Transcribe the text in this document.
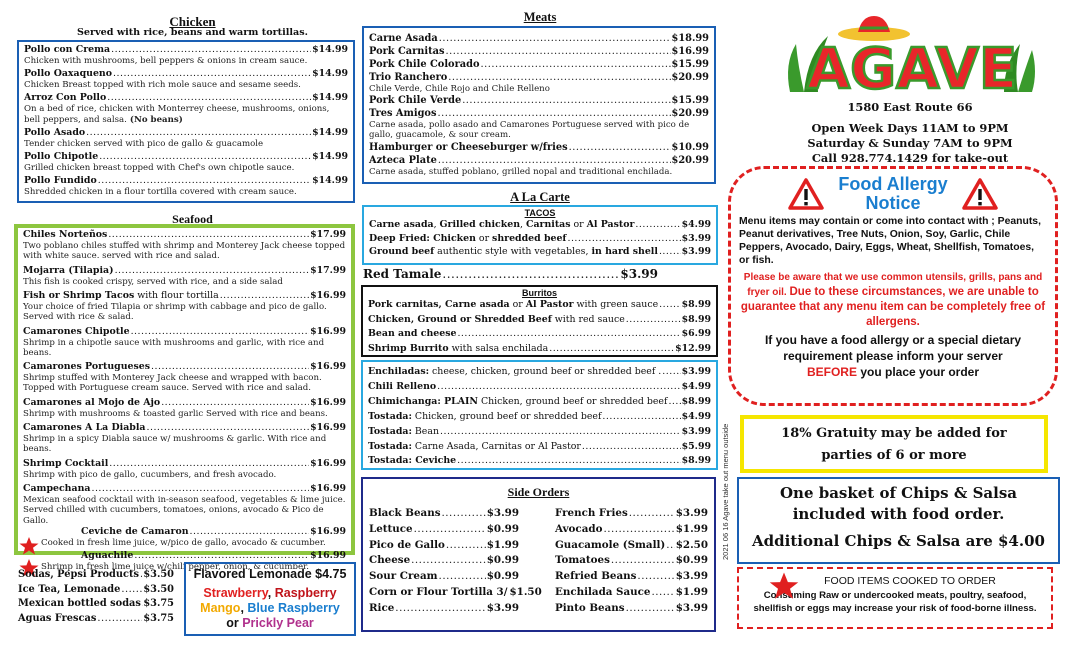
Chicken
Served with rice, beans and warm tortillas.
Pollo con Crema .....	$14.99
Chicken with mushrooms, bell peppers & onions in cream sauce.
Pollo Oaxaqueno .....	$14.99
Chicken Breast topped with rich mole sauce and sesame seeds.
Arroz Con Pollo .....	$14.99
On a bed of rice, chicken with Monterrey cheese, mushrooms, onions, bell peppers, and salsa. (No beans)
Pollo Asado .....	$14.99
Tender chicken served with pico de gallo & guacamole
Pollo Chipotle .....	$14.99
Grilled chicken breast topped with Chef's own chipotle sauce.
Pollo Fundido .....	$14.99
Shredded chicken in a flour tortilla covered with cream sauce.
Seafood
Chiles Norteños .....	$17.99
Two poblano chiles stuffed with shrimp and Monterey Jack cheese topped with white sauce. served with rice and salad.
Mojarra (Tilapia) .....	$17.99
This fish is cooked crispy, served with rice, and a side salad
Fish or Shrimp Tacos with flour tortilla .....	$16.99
Your choice of fried Tilapia or shrimp with cabbage and pico de gallo. Served with rice & salad.
Camarones Chipotle .....	$16.99
Shrimp in a chipotle sauce with mushrooms and garlic, with rice and beans.
Camarones Portugueses .....	$16.99
Shrimp stuffed with Monterey Jack cheese and wrapped with bacon. Topped with Portuguese cream sauce. Served with rice and salad.
Camarones al Mojo de Ajo .....	$16.99
Shrimp with mushrooms & toasted garlic Served with rice and beans.
Camarones A La Diabla .....	$16.99
Shrimp in a spicy Diabla sauce w/ mushrooms & garlic. With rice and beans.
Shrimp Cocktail .....	$16.99
Shrimp with pico de gallo, cucumbers, and fresh avocado.
Campechana .....	$16.99
Mexican seafood cocktail with in-season seafood, vegetables & lime juice. Served chilled with cucumbers, tomatoes, onions, avocado & Pico de Gallo.
Ceviche de Camaron .....	$16.99
Cooked in fresh lime juice, w/pico de gallo, avocado & cucumber.
Aguachile .....	$16.99
Shrimp in fresh lime juice w/chili pepper, onion, & cucumber.
Sodas, Pepsi Products ..... $3.50
Ice Tea, Lemonade ..... $3.50
Mexican bottled sodas ..... $3.75
Aguas Frescas .....	$3.75
Flavored Lemonade $4.75
Strawberry, Raspberry
Mango, Blue Raspberry
or Prickly Pear
Meats
Carne Asada .....	$18.99
Pork Carnitas .....	$16.99
Pork Chile Colorado .....	$15.99
Trio Ranchero .....	$20.99
Chile Verde, Chile Rojo and Chile Relleno
Pork Chile Verde .....	$15.99
Tres Amigos .....	$20.99
Carne asada, pollo asado and Camarones Portuguese served with pico de gallo, guacamole, & sour cream.
Hamburger or Cheeseburger w/fries .....	$10.99
Azteca Plate .....	$20.99
Carne asada, stuffed poblano, grilled nopal and traditional enchilada.
A La Carte
TACOS
Carne asada, Grilled chicken, Carnitas or Al Pastor .....	$4.99
Deep Fried: Chicken or shredded beef .....	$3.99
Ground beef authentic style with vegetables, in hard shell .....	$3.99
Red Tamale .....	$3.99
Burritos
Pork carnitas, Carne asada or Al Pastor with green sauce .....	$8.99
Chicken, Ground or Shredded Beef with red sauce .....	$8.99
Bean and cheese .....	$6.99
Shrimp Burrito with salsa enchilada .....	$12.99
Enchiladas: cheese, chicken, ground beef or shredded beef . ..... $3.99
Chili Relleno .....	$4.99
Chimichanga: PLAIN Chicken, ground beef or shredded beef ..... $8.99
Tostada: Chicken, ground beef or shredded beef .....	$4.99
Tostada: Bean .....	$3.99
Tostada: Carne Asada, Carnitas or Al Pastor .....	$5.99
Tostada: Ceviche .....	$8.99
Side Orders
Black Beans .....	$3.99
Lettuce .....	$0.99
Pico de Gallo .....	$1.99
Cheese .....	$0.99
Sour Cream .....	$0.99
Corn or Flour Tortilla 3/ $1.50
Rice .....	$3.99
French Fries .....	$3.99
Avocado .....	$1.99
Guacamole (Small) ..... $2.50
Tomatoes .....	$0.99
Refried Beans .....	$3.99
Enchilada Sauce ..... $1.99
Pinto Beans .....	$3.99
2021 06 16 Agave take out menu outside
AGAVE
1580 East Route 66
Open Week Days 11AM to 9PM
Saturday & Sunday 7AM to 9PM
Call 928.774.1429 for take-out
Food Allergy
Notice
Menu items may contain or come into contact with ; Peanuts, Peanut derivatives, Tree Nuts, Onion, Soy, Garlic, Chile Peppers, Avocado, Dairy, Eggs, Wheat, Shellfish, Tomatoes, or fish.
Please be aware that we use common utensils, grills, pans and fryer oil. Due to these circumstances, we are unable to guarantee that any menu item can be completely free of allergens.
If you have a food allergy or a special dietary requirement please inform your server
BEFORE you place your order
18% Gratuity may be added for
parties of 6 or more
One basket of Chips & Salsa
included with food order.
Additional Chips & Salsa are $4.00
FOOD ITEMS COOKED TO ORDER
Consuming Raw or undercooked meats, poultry, seafood, shellfish or eggs may increase your risk of food-borne illness.
